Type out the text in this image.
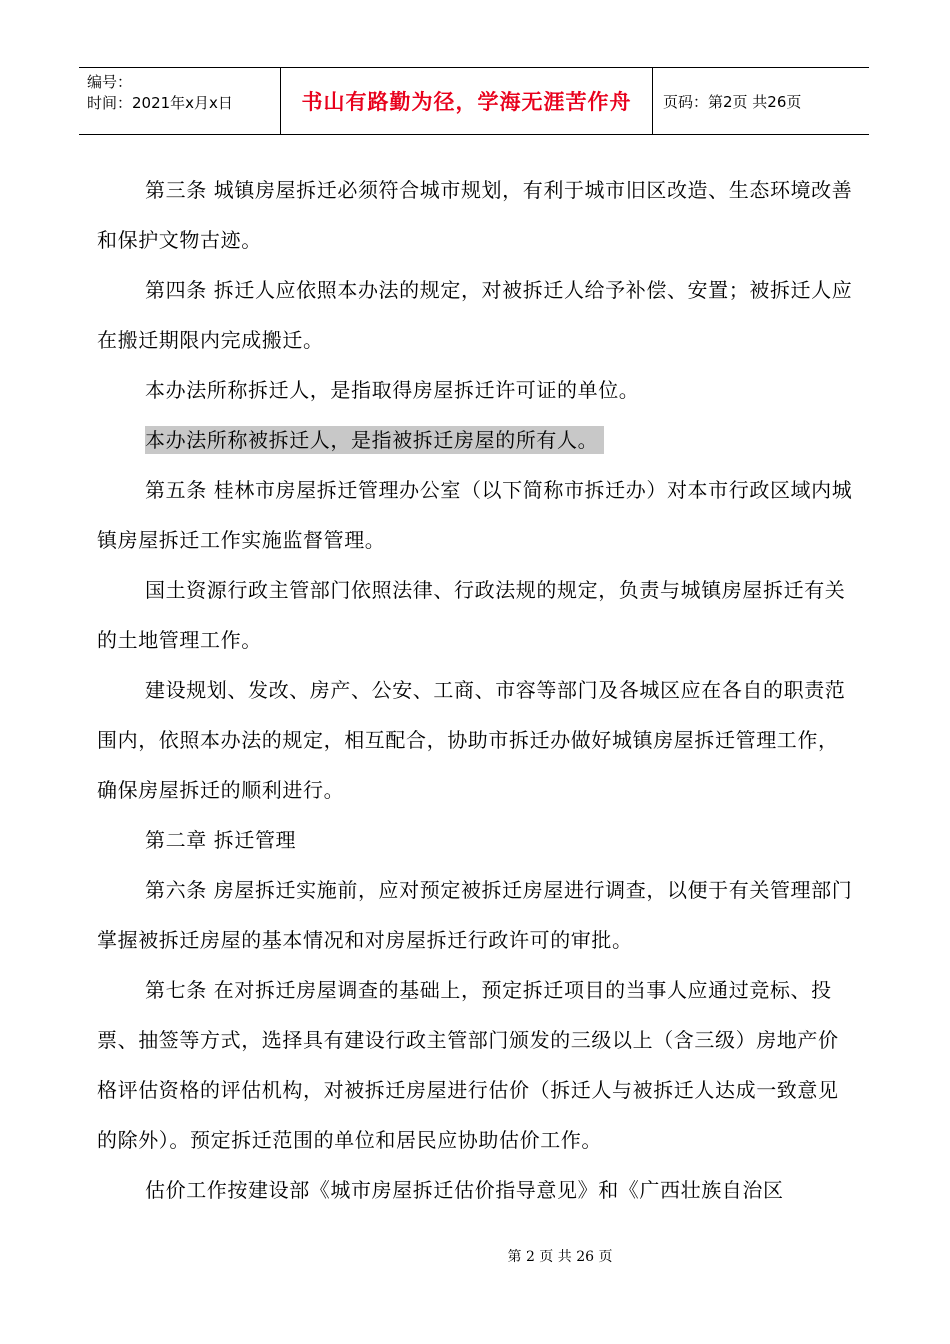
编号：
时间：2021年x月x日	书山有路勤为径，学海无涯苦作舟	页码：第2页 共26页

第三条 城镇房屋拆迁必须符合城市规划，有利于城市旧区改造、生态环境改善和保护文物古迹。

第四条 拆迁人应依照本办法的规定，对被拆迁人给予补偿、安置；被拆迁人应在搬迁期限内完成搬迁。

本办法所称拆迁人，是指取得房屋拆迁许可证的单位。

本办法所称被拆迁人，是指被拆迁房屋的所有人。

第五条 桂林市房屋拆迁管理办公室（以下简称市拆迁办）对本市行政区域内城镇房屋拆迁工作实施监督管理。

国土资源行政主管部门依照法律、行政法规的规定，负责与城镇房屋拆迁有关的土地管理工作。

建设规划、发改、房产、公安、工商、市容等部门及各城区应在各自的职责范围内，依照本办法的规定，相互配合，协助市拆迁办做好城镇房屋拆迁管理工作，确保房屋拆迁的顺利进行。

第二章 拆迁管理

第六条 房屋拆迁实施前，应对预定被拆迁房屋进行调查，以便于有关管理部门掌握被拆迁房屋的基本情况和对房屋拆迁行政许可的审批。

第七条 在对拆迁房屋调查的基础上，预定拆迁项目的当事人应通过竞标、投票、抽签等方式，选择具有建设行政主管部门颁发的三级以上（含三级）房地产价格评估资格的评估机构，对被拆迁房屋进行估价（拆迁人与被拆迁人达成一致意见的除外）。预定拆迁范围的单位和居民应协助估价工作。

估价工作按建设部《城市房屋拆迁估价指导意见》和《广西壮族自治区

第 2 页 共 26 页
